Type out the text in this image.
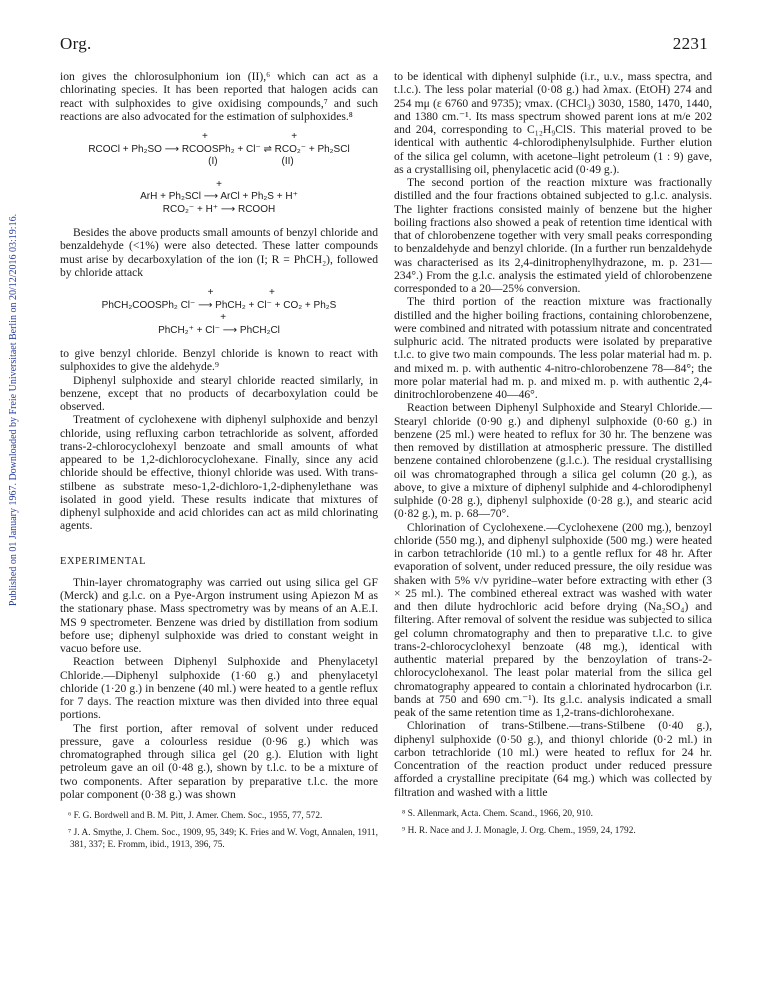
Org.	2231
Published on 01 January 1967. Downloaded by Freie Universitaet Berlin on 20/12/2016 03:19:16.

ion gives the chlorosulphonium ion (II),⁶ which can act as a chlorinating species. It has been reported that halogen acids can react with sulphoxides to give oxidising compounds,⁷ and such reactions are also advocated for the estimation of sulphoxides.⁸

+                              +
RCOCl + Ph₂SO ⟶ RCOOSPh₂ + Cl⁻ ⇌ RCO₂⁻ + Ph₂SCl
(I)                       (II)
+
ArH + Ph₂SCl ⟶ ArCl + Ph₂S + H⁺
RCO₂⁻ + H⁺ ⟶ RCOOH

Besides the above products small amounts of benzyl chloride and benzaldehyde (<1%) were also detected. These latter compounds must arise by decarboxylation of the ion (I; R = PhCH₂), followed by chloride attack

+                    +
PhCH₂COOSPh₂ Cl⁻ ⟶ PhCH₂ + Cl⁻ + CO₂ + Ph₂S
+
PhCH₂⁺ + Cl⁻ ⟶ PhCH₂Cl

to give benzyl chloride. Benzyl chloride is known to react with sulphoxides to give the aldehyde.⁹

Diphenyl sulphoxide and stearyl chloride reacted similarly, in benzene, except that no products of decarboxylation could be observed.

Treatment of cyclohexene with diphenyl sulphoxide and benzyl chloride, using refluxing carbon tetrachloride as solvent, afforded trans-2-chlorocyclohexyl benzoate and small amounts of what appeared to be 1,2-dichlorocyclohexane. Finally, since any acid chloride should be effective, thionyl chloride was used. With trans-stilbene as substrate meso-1,2-dichloro-1,2-diphenylethane was isolated in good yield. These results indicate that mixtures of diphenyl sulphoxide and acid chlorides can act as mild chlorinating agents.

EXPERIMENTAL

Thin-layer chromatography was carried out using silica gel GF (Merck) and g.l.c. on a Pye-Argon instrument using Apiezon M as the stationary phase. Mass spectrometry was by means of an A.E.I. MS 9 spectrometer. Benzene was dried by distillation from sodium before use; diphenyl sulphoxide was dried to constant weight in vacuo before use.

Reaction between Diphenyl Sulphoxide and Phenylacetyl Chloride.—Diphenyl sulphoxide (1·60 g.) and phenylacetyl chloride (1·20 g.) in benzene (40 ml.) were heated to a gentle reflux for 7 days. The reaction mixture was then divided into three equal portions.

The first portion, after removal of solvent under reduced pressure, gave a colourless residue (0·96 g.) which was chromatographed through silica gel (20 g.). Elution with light petroleum gave an oil (0·48 g.), shown by t.l.c. to be a mixture of two components. After separation by preparative t.l.c. the more polar component (0·38 g.) was shown

⁶ F. G. Bordwell and B. M. Pitt, J. Amer. Chem. Soc., 1955, 77, 572.

⁷ J. A. Smythe, J. Chem. Soc., 1909, 95, 349; K. Fries and W. Vogt, Annalen, 1911, 381, 337; E. Fromm, ibid., 1913, 396, 75.

to be identical with diphenyl sulphide (i.r., u.v., mass spectra, and t.l.c.). The less polar material (0·08 g.) had λmax. (EtOH) 274 and 254 mμ (ε 6760 and 9735); νmax. (CHCl₃) 3030, 1580, 1470, 1440, and 1380 cm.⁻¹. Its mass spectrum showed parent ions at m/e 202 and 204, corresponding to C₁₂H₉ClS. This material proved to be identical with authentic 4-chlorodiphenylsulphide. Further elution of the silica gel column, with acetone–light petroleum (1 : 9) gave, as a crystallising oil, phenylacetic acid (0·49 g.).

The second portion of the reaction mixture was fractionally distilled and the four fractions obtained subjected to g.l.c. analysis. The lighter fractions consisted mainly of benzene but the higher boiling fractions also showed a peak of retention time identical with that of chlorobenzene together with very small peaks corresponding to benzaldehyde and benzyl chloride. (In a further run benzaldehyde was characterised as its 2,4-dinitrophenylhydrazone, m. p. 231—234°.) From the g.l.c. analysis the estimated yield of chlorobenzene corresponded to a 20—25% conversion.

The third portion of the reaction mixture was fractionally distilled and the higher boiling fractions, containing chlorobenzene, were combined and nitrated with potassium nitrate and concentrated sulphuric acid. The nitrated products were isolated by preparative t.l.c. to give two main compounds. The less polar material had m. p. and mixed m. p. with authentic 4-nitro-chlorobenzene 78—84°; the more polar material had m. p. and mixed m. p. with authentic 2,4-dinitrochlorobenzene 40—46°.

Reaction between Diphenyl Sulphoxide and Stearyl Chloride.—Stearyl chloride (0·90 g.) and diphenyl sulphoxide (0·60 g.) in benzene (25 ml.) were heated to reflux for 30 hr. The benzene was then removed by distillation at atmospheric pressure. The distilled benzene contained chlorobenzene (g.l.c.). The residual crystallising oil was chromatographed through a silica gel column (20 g.), as above, to give a mixture of diphenyl sulphide and 4-chlorodiphenyl sulphide (0·28 g.), diphenyl sulphoxide (0·28 g.), and stearic acid (0·82 g.), m. p. 68—70°.

Chlorination of Cyclohexene.—Cyclohexene (200 mg.), benzoyl chloride (550 mg.), and diphenyl sulphoxide (500 mg.) were heated in carbon tetrachloride (10 ml.) to a gentle reflux for 48 hr. After evaporation of solvent, under reduced pressure, the oily residue was shaken with 5% v/v pyridine–water before extracting with ether (3 × 25 ml.). The combined ethereal extract was washed with water and then dilute hydrochloric acid before drying (Na₂SO₄) and filtering. After removal of solvent the residue was subjected to silica gel column chromatography and then to preparative t.l.c. to give trans-2-chlorocyclohexyl benzoate (48 mg.), identical with authentic material prepared by the benzoylation of trans-2-chlorocyclohexanol. The least polar material from the silica gel chromatography appeared to contain a chlorinated hydrocarbon (i.r. bands at 750 and 690 cm.⁻¹). Its g.l.c. analysis indicated a small peak of the same retention time as 1,2-trans-dichlorohexane.

Chlorination of trans-Stilbene.—trans-Stilbene (0·40 g.), diphenyl sulphoxide (0·50 g.), and thionyl chloride (0·2 ml.) in carbon tetrachloride (10 ml.) were heated to reflux for 24 hr. Concentration of the reaction product under reduced pressure afforded a crystalline precipitate (64 mg.) which was collected by filtration and washed with a little

⁸ S. Allenmark, Acta. Chem. Scand., 1966, 20, 910.

⁹ H. R. Nace and J. J. Monagle, J. Org. Chem., 1959, 24, 1792.
